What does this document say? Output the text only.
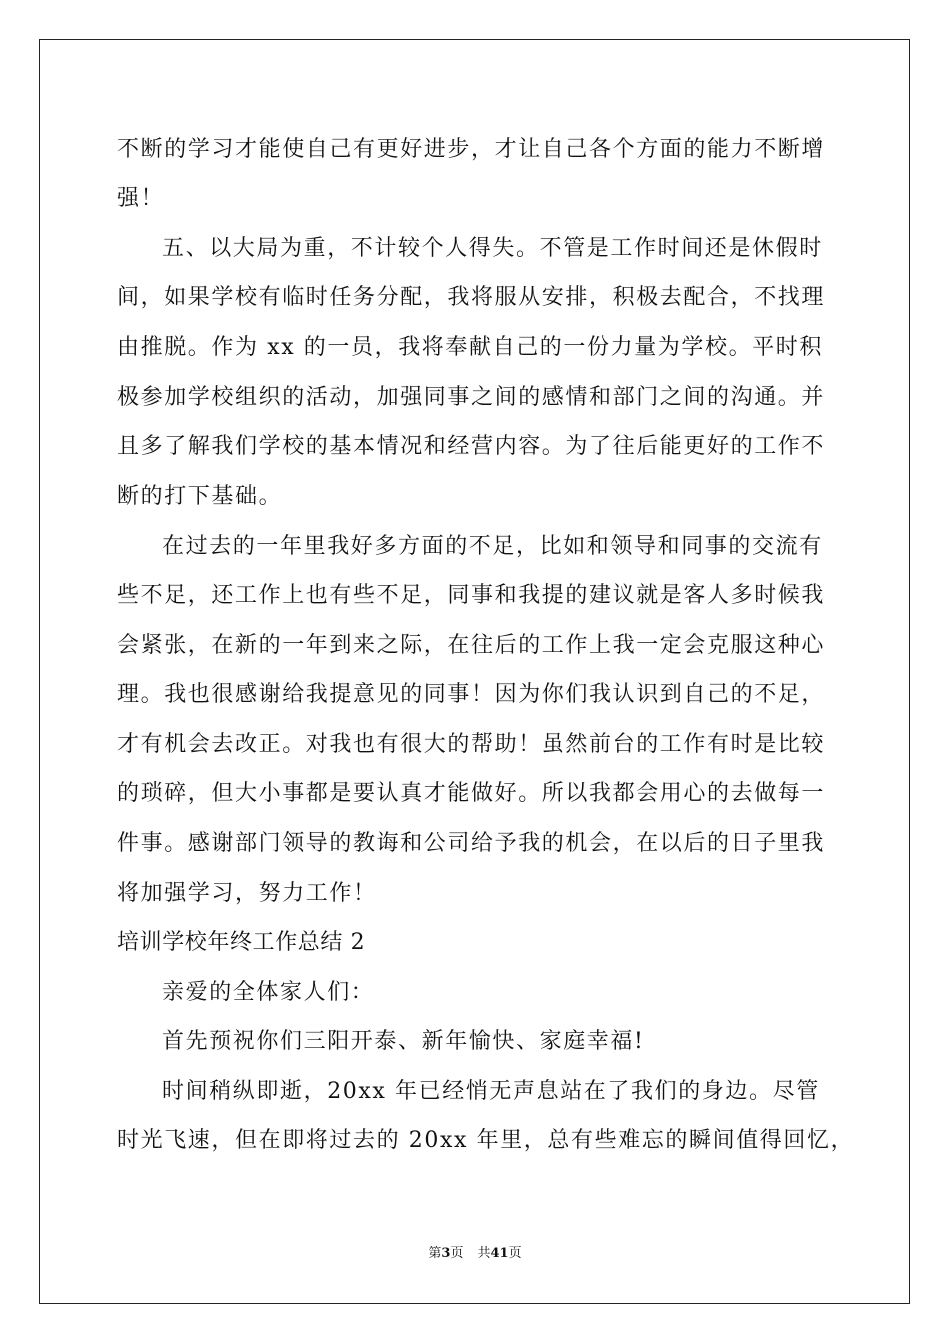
不断的学习才能使自己有更好进步，才让自己各个方面的能力不断增
强！
五、以大局为重，不计较个人得失。不管是工作时间还是休假时
间，如果学校有临时任务分配，我将服从安排，积极去配合，不找理
由推脱。作为 xx 的一员，我将奉献自己的一份力量为学校。平时积
极参加学校组织的活动，加强同事之间的感情和部门之间的沟通。并
且多了解我们学校的基本情况和经营内容。为了往后能更好的工作不
断的打下基础。
在过去的一年里我好多方面的不足，比如和领导和同事的交流有
些不足，还工作上也有些不足，同事和我提的建议就是客人多时候我
会紧张，在新的一年到来之际，在往后的工作上我一定会克服这种心
理。我也很感谢给我提意见的同事！因为你们我认识到自己的不足，
才有机会去改正。对我也有很大的帮助！虽然前台的工作有时是比较
的琐碎，但大小事都是要认真才能做好。所以我都会用心的去做每一
件事。感谢部门领导的教诲和公司给予我的机会，在以后的日子里我
将加强学习，努力工作！
培训学校年终工作总结 2
亲爱的全体家人们：
首先预祝你们三阳开泰、新年愉快、家庭幸福!
时间稍纵即逝，20xx 年已经悄无声息站在了我们的身边。尽管
时光飞速，但在即将过去的 20xx 年里，总有些难忘的瞬间值得回忆，
第3页 共41页
